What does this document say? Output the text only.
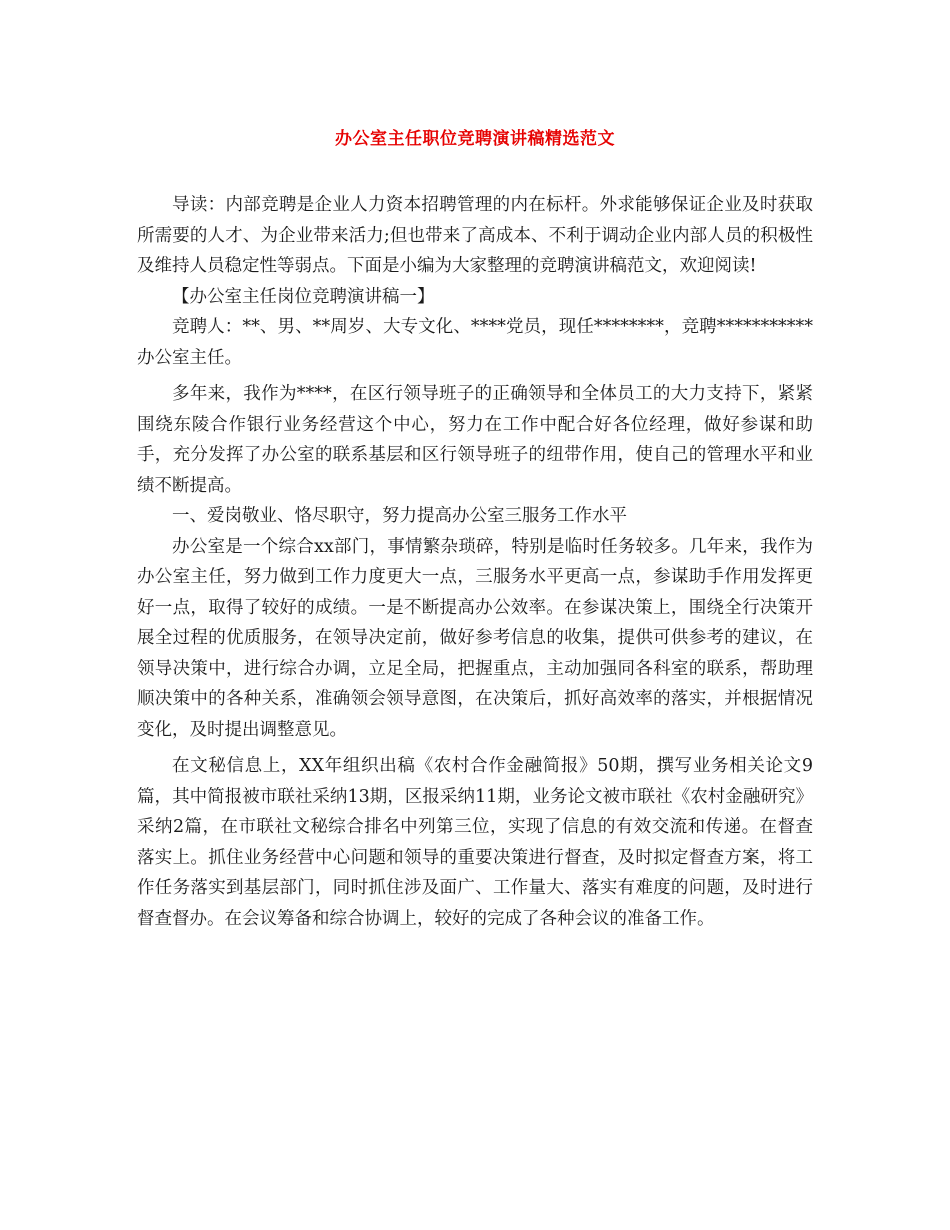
办公室主任职位竞聘演讲稿精选范文

导读：内部竞聘是企业人力资本招聘管理的内在标杆。外求能够保证企业及时获取所需要的人才、为企业带来活力;但也带来了高成本、不利于调动企业内部人员的积极性及维持人员稳定性等弱点。下面是小编为大家整理的竞聘演讲稿范文，欢迎阅读!

【办公室主任岗位竞聘演讲稿一】

竞聘人：**、男、**周岁、大专文化、****党员，现任********，竞聘***********办公室主任。

多年来，我作为****，在区行领导班子的正确领导和全体员工的大力支持下，紧紧围绕东陵合作银行业务经营这个中心，努力在工作中配合好各位经理，做好参谋和助手，充分发挥了办公室的联系基层和区行领导班子的纽带作用，使自己的管理水平和业绩不断提高。

一、爱岗敬业、恪尽职守，努力提高办公室三服务工作水平

办公室是一个综合xx部门，事情繁杂琐碎，特别是临时任务较多。几年来，我作为办公室主任，努力做到工作力度更大一点，三服务水平更高一点，参谋助手作用发挥更好一点，取得了较好的成绩。一是不断提高办公效率。在参谋决策上，围绕全行决策开展全过程的优质服务，在领导决定前，做好参考信息的收集，提供可供参考的建议，在领导决策中，进行综合办调，立足全局，把握重点，主动加强同各科室的联系，帮助理顺决策中的各种关系，准确领会领导意图，在决策后，抓好高效率的落实，并根据情况变化，及时提出调整意见。

在文秘信息上，XX年组织出稿《农村合作金融简报》50期，撰写业务相关论文9篇，其中简报被市联社采纳13期，区报采纳11期，业务论文被市联社《农村金融研究》采纳2篇，在市联社文秘综合排名中列第三位，实现了信息的有效交流和传递。在督查落实上。抓住业务经营中心问题和领导的重要决策进行督查，及时拟定督查方案，将工作任务落实到基层部门，同时抓住涉及面广、工作量大、落实有难度的问题，及时进行督查督办。在会议筹备和综合协调上，较好的完成了各种会议的准备工作。
